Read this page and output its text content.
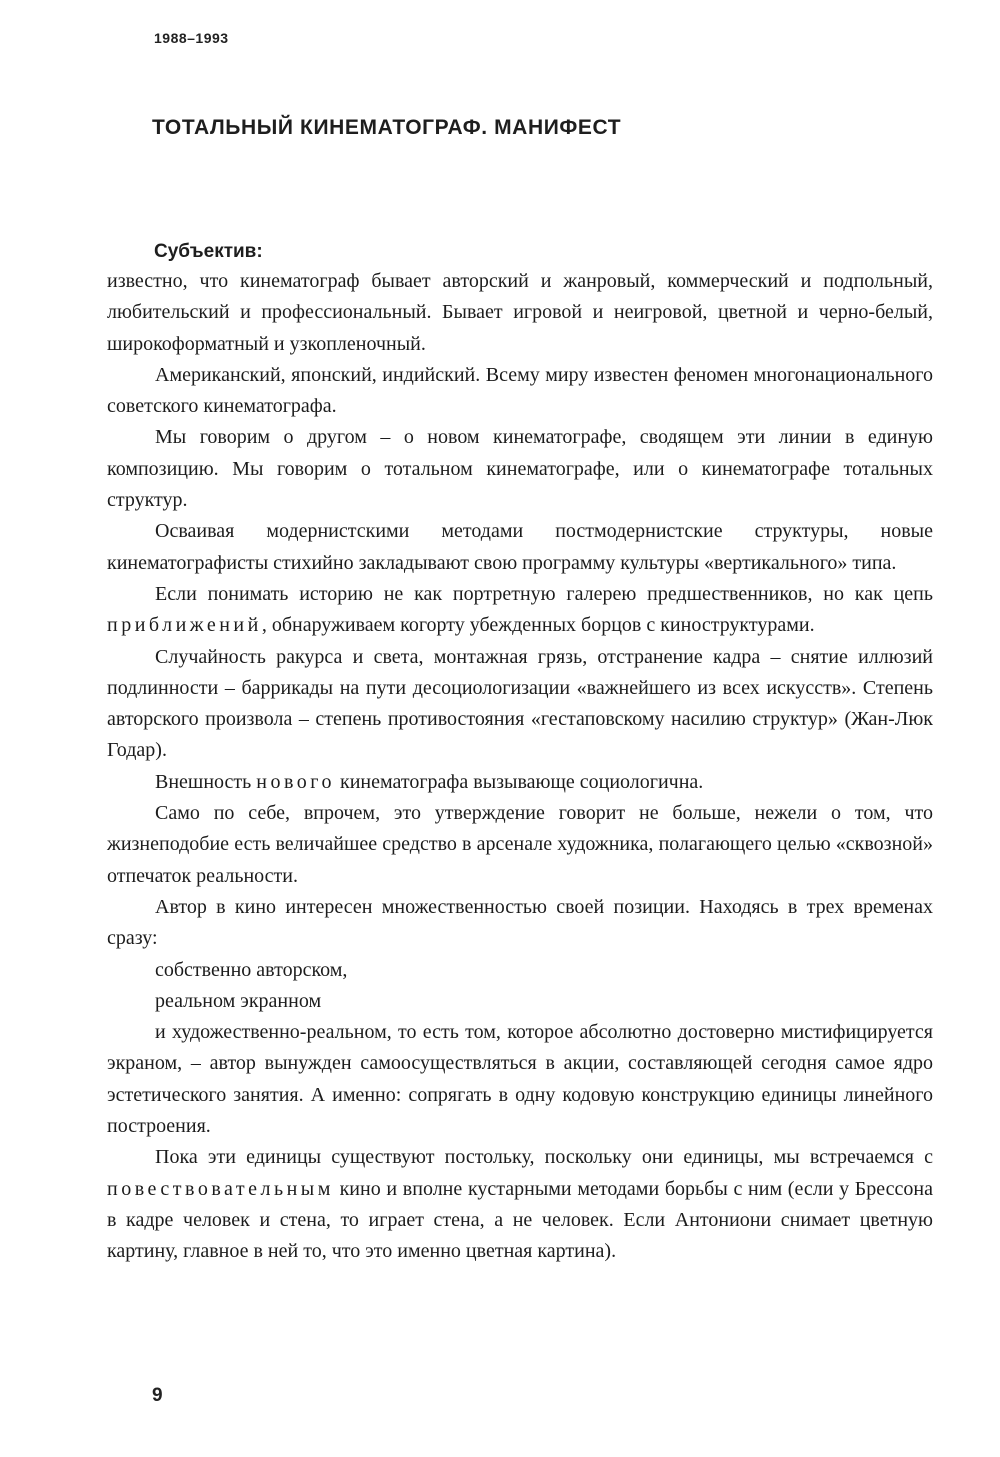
1988–1993
ТОТАЛЬНЫЙ КИНЕМАТОГРАФ. МАНИФЕСТ
Субъектив:

известно, что кинематограф бывает авторский и жанровый, коммерческий и подпольный, любительский и профессиональный. Бывает игровой и неигровой, цветной и черно-белый, широкоформатный и узкопленочный.

Американский, японский, индийский. Всему миру известен феномен многонационального советского кинематографа.

Мы говорим о другом – о новом кинематографе, сводящем эти линии в единую композицию. Мы говорим о тотальном кинематографе, или о кинематографе тотальных структур.

Осваивая модернистскими методами постмодернистские структуры, новые кинематографисты стихийно закладывают свою программу культуры «вертикального» типа.

Если понимать историю не как портретную галерею предшественников, но как цепь приближений, обнаруживаем когорту убежденных борцов с киноструктурами.

Случайность ракурса и света, монтажная грязь, отстранение кадра – снятие иллюзий подлинности – баррикады на пути десоциологизации «важнейшего из всех искусств». Степень авторского произвола – степень противостояния «гестаповскому насилию структур» (Жан-Люк Годар).

Внешность нового кинематографа вызывающе социологична.

Само по себе, впрочем, это утверждение говорит не больше, нежели о том, что жизнеподобие есть величайшее средство в арсенале художника, полагающего целью «сквозной» отпечаток реальности.

Автор в кино интересен множественностью своей позиции. Находясь в трех временах сразу:

собственно авторском,

реальном экранном

и художественно-реальном, то есть том, которое абсолютно достоверно мистифицируется экраном, – автор вынужден самоосуществляться в акции, составляющей сегодня самое ядро эстетического занятия. А именно: сопрягать в одну кодовую конструкцию единицы линейного построения.

Пока эти единицы существуют постольку, поскольку они единицы, мы встречаемся с повествовательным кино и вполне кустарными методами борьбы с ним (если у Брессона в кадре человек и стена, то играет стена, а не человек. Если Антониони снимает цветную картину, главное в ней то, что это именно цветная картина).

9
